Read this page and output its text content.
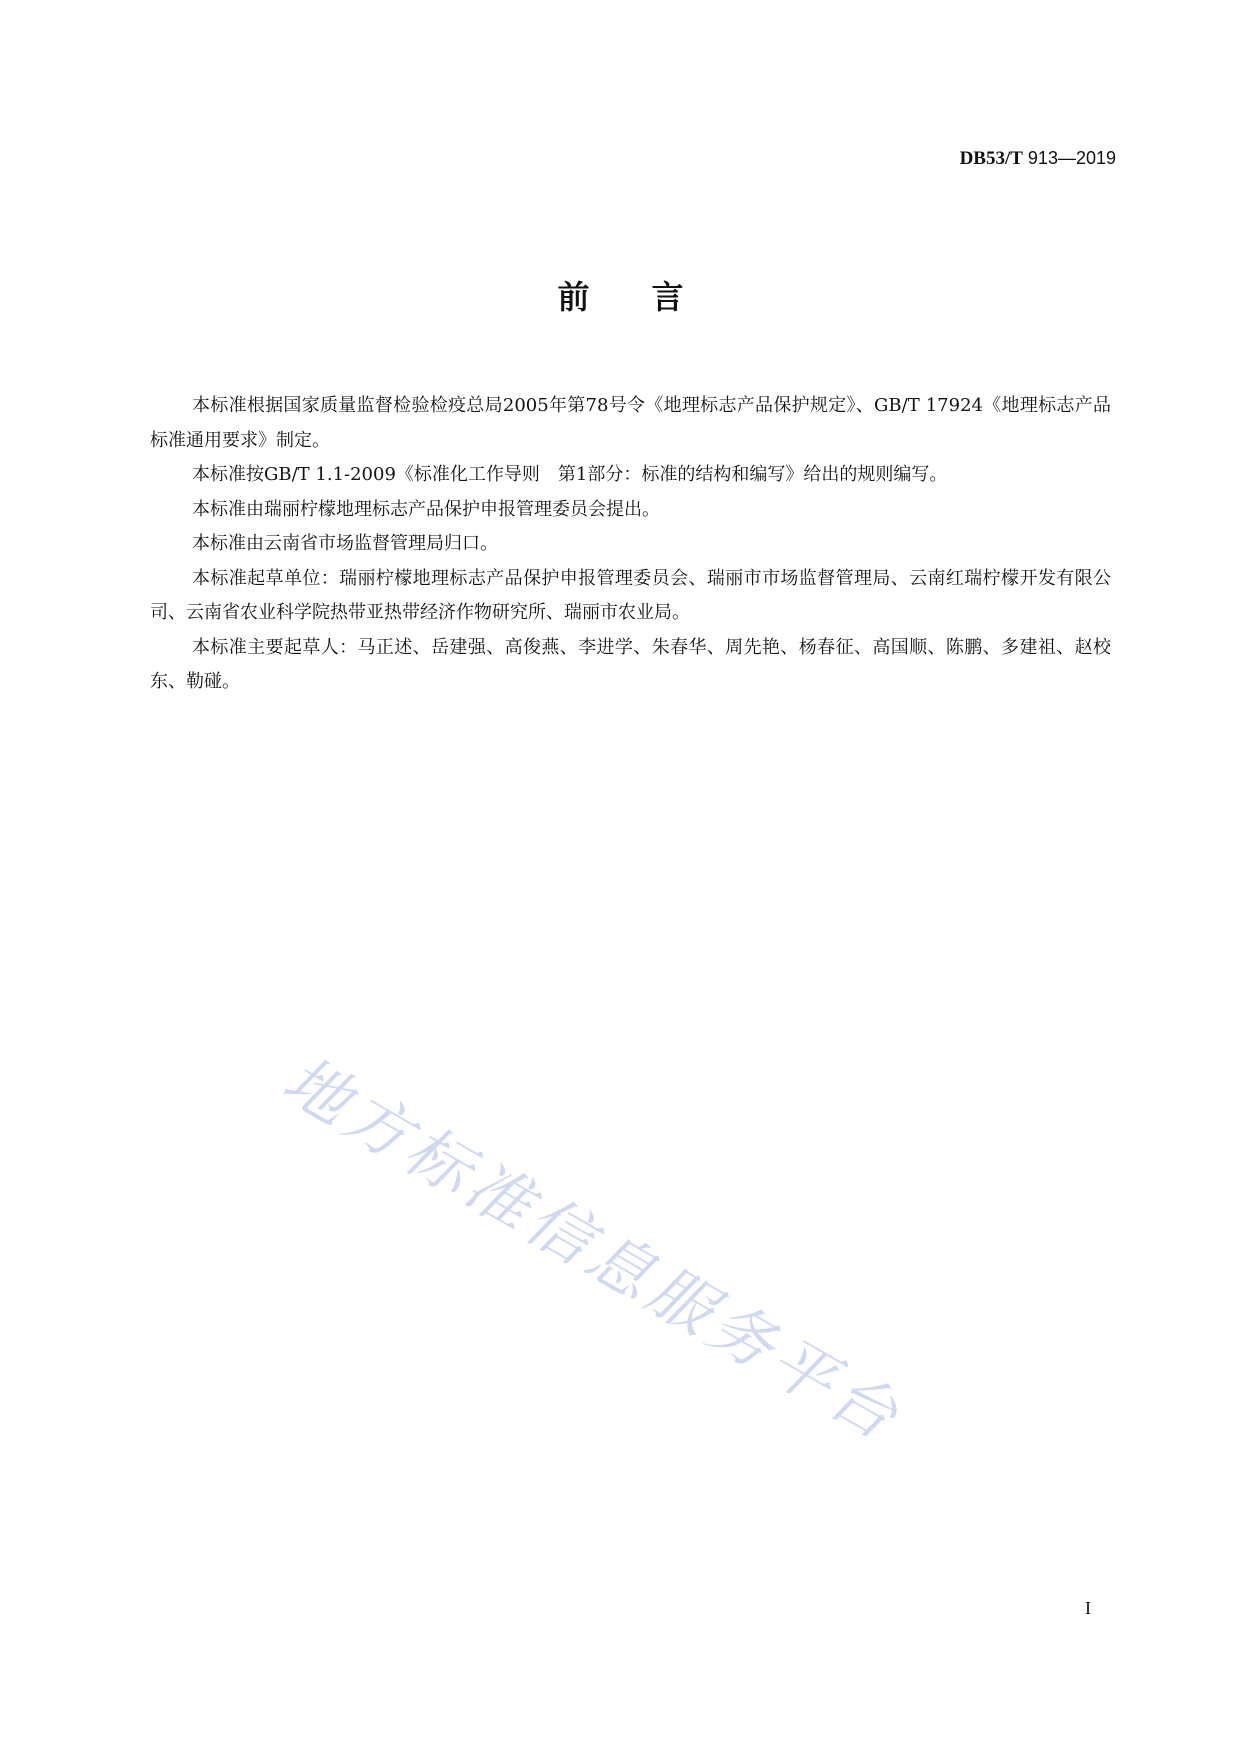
DB53/T 913—2019
前言

本标准根据国家质量监督检验检疫总局2005年第78号令《地理标志产品保护规定》、GB/T 17924《地理标志产品标准通用要求》制定。

本标准按GB/T 1.1-2009《标准化工作导则　第1部分：标准的结构和编写》给出的规则编写。

本标准由瑞丽柠檬地理标志产品保护申报管理委员会提出。

本标准由云南省市场监督管理局归口。

本标准起草单位：瑞丽柠檬地理标志产品保护申报管理委员会、瑞丽市市场监督管理局、云南红瑞柠檬开发有限公司、云南省农业科学院热带亚热带经济作物研究所、瑞丽市农业局。

本标准主要起草人：马正述、岳建强、高俊燕、李进学、朱春华、周先艳、杨春征、高国顺、陈鹏、多建祖、赵校东、勒碰。

地方标准信息服务平台
I
